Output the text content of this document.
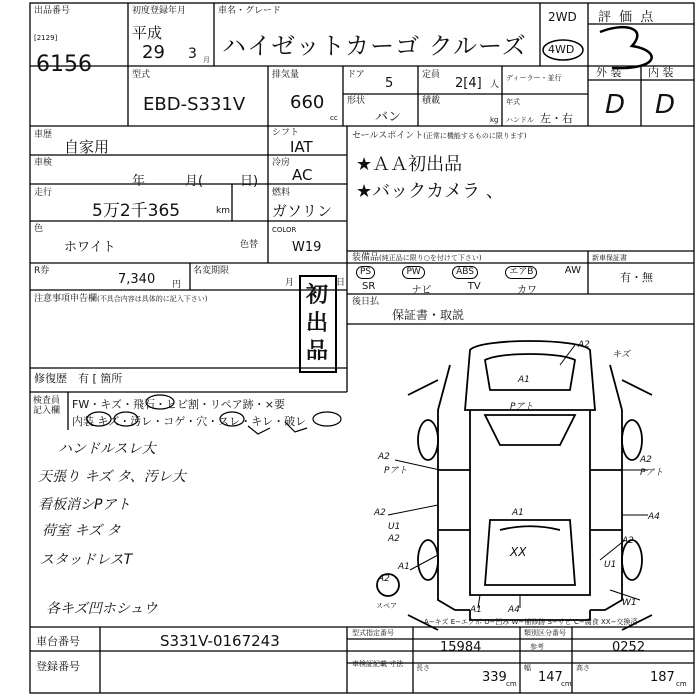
出品番号
[2129]
6156
初度登録年月
平成
29 3 月
車名・グレード
ハイゼットカーゴ クルーズ
2WD
4WD
評 価 点
型式
EBD-S331V
排気量
660
cc
ドア
5
定員
2[4] 人
形状
バン
積載
kg
ディーラー・並行
年式
ハンドル 左・右
外 装 内 装
D D
車歴
自家用
シフト
IAT
車検
年	月(	日)
冷房
AC
走行
5万2千365	km
燃料
ガソリン
色
ホワイト	色替
COLOR
W19
R券
7,340 円
名変期限
月	日
初出品
セールスポイント(正常に機能するものに限ります)
★ＡＡ初出品
★バックカメラ 、
装備品(純正品に限り○を付けて下さい)
PS	PW	ABS	エアB	AW
SR	ナビ	TV	カワ
新車保証書
有・無
注意事項申告欄(不具合内容は具体的に記入下さい)
修復歴 有 [ 箇所
後日払
保証書・取説
検査員記入欄	FW・キズ・飛石・ヒビ割・リペア跡・×要
内装 キズ・汚レ・コゲ・穴・スレ・キレ・破レ
ハンドルスレ大
天張り キズ タ、汚レ大
看板消シPアト
荷室 キズ タ
スタッドレスT
各キズ凹ホシュウ
A2
キズ
A1
Pアト
A2
Pアト
A2
Pアト
A2
U1
A2
A1
XX
A1
A2
A2
A4
U1
W1
スペア	A4
A1
A−キズ E−エクボ U−凹み W−補修跡 S−サビ C−腐食 XX−交換済
車台番号	S331V-0167243
登録番号
型式指定番号
15984
類別区分番号
参考	0252
車検証記載 寸法	長さ
339 cm
幅
147
cm
高さ
187 cm
